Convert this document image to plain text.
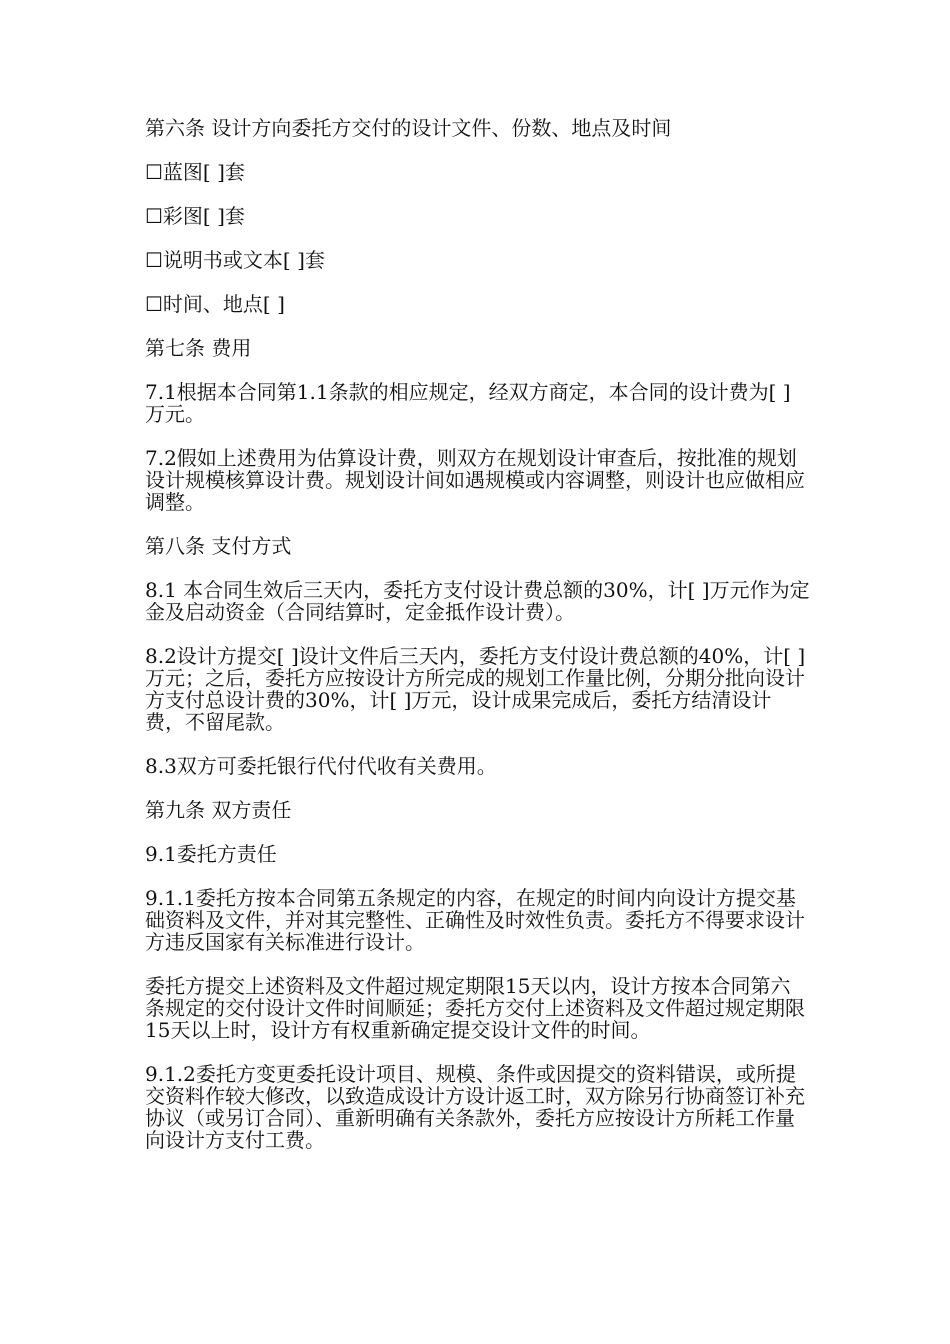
第六条 设计方向委托方交付的设计文件、份数、地点及时间

☐蓝图[ ]套

☐彩图[ ]套

☐说明书或文本[ ]套

☐时间、地点[ ]

第七条 费用

7.1根据本合同第1.1条款的相应规定，经双方商定，本合同的设计费为[ ]万元。

7.2假如上述费用为估算设计费，则双方在规划设计审查后，按批准的规划设计规模核算设计费。规划设计间如遇规模或内容调整，则设计也应做相应调整。

第八条 支付方式

8.1 本合同生效后三天内，委托方支付设计费总额的30%，计[ ]万元作为定金及启动资金（合同结算时，定金抵作设计费）。

8.2设计方提交[ ]设计文件后三天内，委托方支付设计费总额的40%，计[ ]万元；之后，委托方应按设计方所完成的规划工作量比例，分期分批向设计方支付总设计费的30%，计[ ]万元，设计成果完成后，委托方结清设计费，不留尾款。

8.3双方可委托银行代付代收有关费用。

第九条 双方责任

9.1委托方责任

9.1.1委托方按本合同第五条规定的内容，在规定的时间内向设计方提交基础资料及文件，并对其完整性、正确性及时效性负责。委托方不得要求设计方违反国家有关标准进行设计。

委托方提交上述资料及文件超过规定期限15天以内，设计方按本合同第六条规定的交付设计文件时间顺延；委托方交付上述资料及文件超过规定期限15天以上时，设计方有权重新确定提交设计文件的时间。

9.1.2委托方变更委托设计项目、规模、条件或因提交的资料错误，或所提交资料作较大修改，以致造成设计方设计返工时，双方除另行协商签订补充协议（或另订合同）、重新明确有关条款外，委托方应按设计方所耗工作量向设计方支付工费。
